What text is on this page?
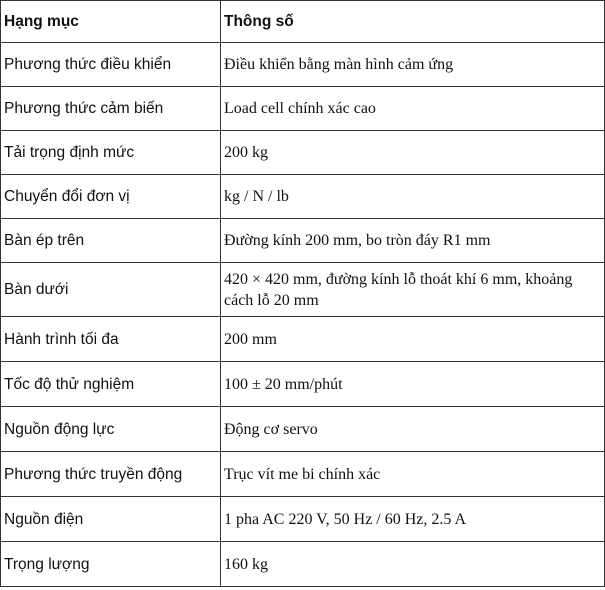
Hạng mục	Thông số
Phương thức điều khiển	Điều khiển bằng màn hình cảm ứng
Phương thức cảm biến	Load cell chính xác cao
Tải trọng định mức	200 kg
Chuyển đổi đơn vị	kg / N / lb
Bàn ép trên	Đường kính 200 mm, bo tròn đáy R1 mm
Bàn dưới	420 × 420 mm, đường kính lỗ thoát khí 6 mm, khoảng cách lỗ 20 mm
Hành trình tối đa	200 mm
Tốc độ thử nghiệm	100 ± 20 mm/phút
Nguồn động lực	Động cơ servo
Phương thức truyền động	Trục vít me bi chính xác
Nguồn điện	1 pha AC 220 V, 50 Hz / 60 Hz, 2.5 A
Trọng lượng	160 kg
